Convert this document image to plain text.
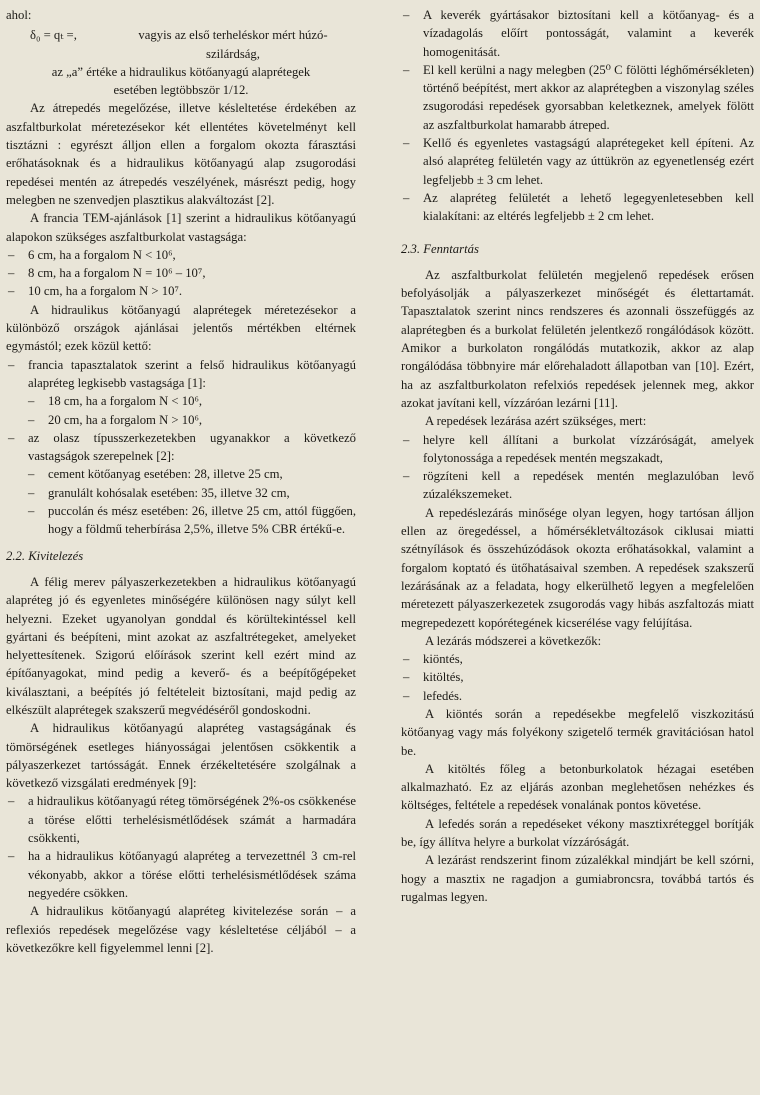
ahol:

δ₀ = qₜ =,	vagyis az első terheléskor mért húzó-
szilárdság,
az „a” értéke a hidraulikus kötőanyagú alaprétegek
esetében legtöbbször 1/12.

Az átrepedés megelőzése, illetve késleltetése érdekében az aszfaltburkolat méretezésekor két ellentétes követelményt kell tisztázni : egyrészt álljon ellen a forgalom okozta fárasztási erőhatásoknak és a hidraulikus kötőanyagú alap zsugorodási repedései mentén az átrepedés veszélyének, másrészt pedig, hogy melegben ne szenvedjen plasztikus alakváltozást [2].

A francia TEM-ajánlások [1] szerint a hidraulikus kötőanyagú alapokon szükséges aszfaltburkolat vastagsága:

– 6 cm, ha a forgalom N < 10⁶,
– 8 cm, ha a forgalom N = 10⁶ – 10⁷,
– 10 cm, ha a forgalom N > 10⁷.

A hidraulikus kötőanyagú alaprétegek méretezésekor a különböző országok ajánlásai jelentős mértékben eltérnek egymástól; ezek közül kettő:

– francia tapasztalatok szerint a felső hidraulikus kötőanyagú alapréteg legkisebb vastagsága [1]:
– 18 cm, ha a forgalom N < 10⁶,
– 20 cm, ha a forgalom N > 10⁶,
– az olasz típusszerkezetekben ugyanakkor a következő vastagságok szerepelnek [2]:
– cement kötőanyag esetében: 28, illetve 25 cm,
– granulált kohósalak esetében: 35, illetve 32 cm,
– puccolán és mész esetében: 26, illetve 25 cm, attól függően, hogy a földmű teherbírása 2,5%, illetve 5% CBR értékű-e.
2.2. Kivitelezés

A félig merev pályaszerkezetekben a hidraulikus kötőanyagú alapréteg jó és egyenletes minőségére különösen nagy súlyt kell helyezni. Ezeket ugyanolyan gonddal és körültekintéssel kell gyártani és beépíteni, mint azokat az aszfaltrétegeket, amelyeket helyettesítenek. Szigorú előírások szerint kell ezért mind az építőanyagokat, mind pedig a keverő- és a beépítőgépeket kiválasztani, a beépítés jó feltételeit biztosítani, majd pedig az elkészült alaprétegek szakszerű megvédéséről gondoskodni.

A hidraulikus kötőanyagú alapréteg vastagságának és tömörségének esetleges hiányosságai jelentősen csökkentik a pályaszerkezet tartósságát. Ennek érzékeltetésére szolgálnak a következő vizsgálati eredmények [9]:

– a hidraulikus kötőanyagú réteg tömörségének 2%-os csökkenése a törése előtti terhelésismétlődések számát a harmadára csökkenti,
– ha a hidraulikus kötőanyagú alapréteg a tervezettnél 3 cm-rel vékonyabb, akkor a törése előtti terhelésismétlődések száma negyedére csökken.

A hidraulikus kötőanyagú alapréteg kivitelezése során – a reflexiós repedések megelőzése vagy késleltetése céljából – a következőkre kell figyelemmel lenni [2].

– A keverék gyártásakor biztosítani kell a kötőanyag- és a vízadagolás előírt pontosságát, valamint a keverék homogenitását.
– El kell kerülni a nagy melegben (25⁰ C fölötti léghőmérsékleten) történő beépítést, mert akkor az alaprétegben a viszonylag széles zsugorodási repedések gyorsabban keletkeznek, amelyek fölött az aszfaltburkolat hamarabb átreped.
– Kellő és egyenletes vastagságú alaprétegeket kell építeni. Az alsó alapréteg felületén vagy az úttükrön az egyenetlenség ezért legfeljebb ± 3 cm lehet.
– Az alapréteg felületét a lehető legegyenletesebben kell kialakítani: az eltérés legfeljebb ± 2 cm lehet.
2.3. Fenntartás

Az aszfaltburkolat felületén megjelenő repedések erősen befolyásolják a pályaszerkezet minőségét és élettartamát. Tapasztalatok szerint nincs rendszeres és azonnali összefüggés az alaprétegben és a burkolat felületén jelentkező rongálódások között. Amikor a burkolaton rongálódás mutatkozik, akkor az alap rongálódása többnyire már előrehaladott állapotban van [10]. Ezért, ha az aszfaltburkolaton refelxiós repedések jelennek meg, akkor azokat javítani kell, vízzáróan lezárni [11].

A repedések lezárása azért szükséges, mert:

– helyre kell állítani a burkolat vízzáróságát, amelyek folytonossága a repedések mentén megszakadt,
– rögzíteni kell a repedések mentén meglazulóban levő zúzalékszemeket.

A repedéslezárás minősége olyan legyen, hogy tartósan álljon ellen az öregedéssel, a hőmérsékletváltozások ciklusai miatti szétnyílások és összehúzódások okozta erőhatásokkal, valamint a forgalom koptató és ütőhatásaival szemben. A repedések szakszerű lezárásának az a feladata, hogy elkerülhető legyen a megfelelően méretezett pályaszerkezetek zsugorodás vagy hibás aszfaltozás miatt megrepedezett kopórétegének kicserélése vagy felújítása.

A lezárás módszerei a következők:

– kiöntés,
– kitöltés,
– lefedés.

A kiöntés során a repedésekbe megfelelő viszkozitású kötőanyag vagy más folyékony szigetelő termék gravitációsan hatol be.

A kitöltés főleg a betonburkolatok hézagai esetében alkalmazható. Ez az eljárás azonban meglehetősen nehézkes és költséges, feltétele a repedések vonalának pontos követése.

A lefedés során a repedéseket vékony masztixréteggel borítják be, így állítva helyre a burkolat vízzáróságát.

A lezárást rendszerint finom zúzalékkal mindjárt be kell szórni, hogy a masztix ne ragadjon a gumiabroncsra, továbbá tartós és rugalmas legyen.
